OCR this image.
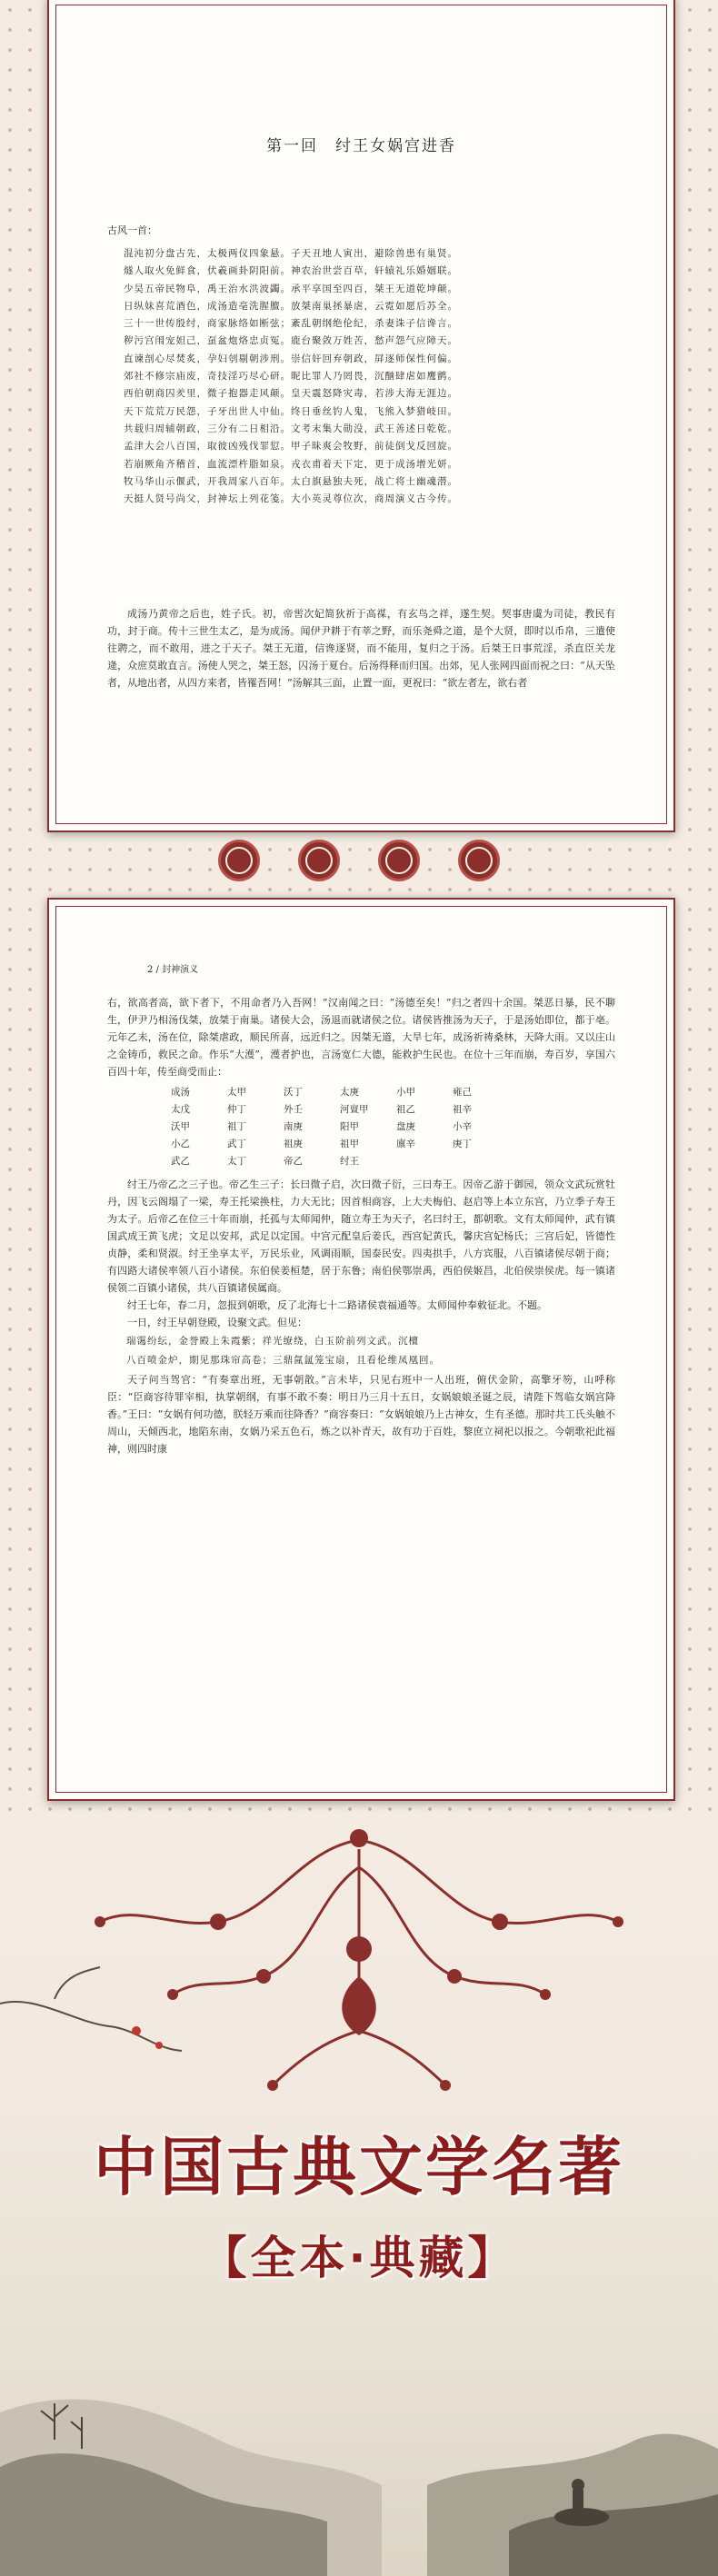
第一回　纣王女娲宫进香
古风一首：
混沌初分盘古先，太极两仪四象悬。子天丑地人寅出，避除兽患有巢贤。
燧人取火免鲜食，伏羲画卦阴阳前。神农治世尝百草，轩辕礼乐婚姻联。
少昊五帝民物阜，禹王治水洪波蠲。承平享国至四百，桀王无道乾坤颠。
日纵妹喜荒酒色，成汤造亳洗腥膻。放桀南巢拯暴虐，云霓如愿后苏全。
三十一世传殷纣，商家脉络如断弦；紊乱朝纲绝伦纪，杀妻诛子信谗言。
秽污宫闱宠妲己，虿盆炮烙忠贞冤。鹿台聚敛万姓苦，愁声怨气应障天。
直谏剖心尽焚炙，孕妇刳剔朝涉刑。崇信奸回弃朝政，屏逐师保性何偏。
郊社不修宗庙废，奇技淫巧尽心研。昵比罪人乃罔畏，沉酗肆虐如鹰鹯。
西伯朝商囚羑里，微子抱器走风颠。皇天震怒降灾毒，若涉大海无涯边。
天下荒荒万民怨，子牙出世人中仙。终日垂丝钓人鬼，飞熊入梦猎岐田。
共载归周辅朝政，三分有二日相沿。文考末集大勋没，武王善述日乾乾。
孟津大会八百国，取彼凶残伐罪愆。甲子昧爽会牧野，前徒倒戈反回旋。
若崩厥角齐稽首，血流漂杵脂如泉。戎衣甫着天下定，更于成汤增光妍。
牧马华山示偃武，开我周家八百年。太白旗悬独夫死，战亡将士幽魂潜。
天挺人贤号尚父，封神坛上列花笺。大小英灵尊位次，商周演义古今传。

成汤乃黄帝之后也，姓子氏。初，帝喾次妃简狄祈于高禖，有玄鸟之祥，遂生契。契事唐虞为司徒，教民有功，封于商。传十三世生太乙，是为成汤。闻伊尹耕于有莘之野，而乐尧舜之道，是个大贤，即时以币帛，三遣使往聘之，而不敢用，进之于天子。桀王无道，信谗逐贤，而不能用，复归之于汤。后桀王日事荒淫，杀直臣关龙逄，众庶莫敢直言。汤使人哭之，桀王怒，囚汤于夏台。后汤得释而归国。出郊，见人张网四面而祝之曰：“从天坠者，从地出者，从四方来者，皆罹吾网！”汤解其三面，止置一面，更祝曰：“欲左者左，欲右者

2 / 封神演义

右，欲高者高，欲下者下，不用命者乃入吾网！”汉南闻之曰：“汤德至矣！”归之者四十余国。桀恶日暴，民不聊生，伊尹乃相汤伐桀，放桀于南巢。诸侯大会，汤退而就诸侯之位。诸侯皆推汤为天子，于是汤始即位，都于亳。元年乙未，汤在位，除桀虐政，顺民所喜，远近归之。因桀无道，大旱七年，成汤祈祷桑林，天降大雨。又以庄山之金铸币，救民之命。作乐“大濩”，濩者护也，言汤宽仁大德，能救护生民也。在位十三年而崩，寿百岁，享国六百四十年，传至商受而止：

成汤	太甲	沃丁	太庚	小甲	雍己
太戊	仲丁	外壬	河亶甲	祖乙	祖辛
沃甲	祖丁	南庚	阳甲	盘庚	小辛
小乙	武丁	祖庚	祖甲	廪辛	庚丁
武乙	太丁	帝乙	纣王

纣王乃帝乙之三子也。帝乙生三子：长曰微子启，次曰微子衍，三曰寿王。因帝乙游于御园，领众文武玩赏牡丹，因飞云阁塌了一梁，寿王托梁换柱，力大无比；因首相商容，上大夫梅伯、赵启等上本立东宫，乃立季子寿王为太子。后帝乙在位三十年而崩，托孤与太师闻仲，随立寿王为天子，名曰纣王，都朝歌。文有太师闻仲，武有镇国武成王黄飞虎；文足以安邦，武足以定国。中宫元配皇后姜氏，西宫妃黄氏，馨庆宫妃杨氏；三宫后妃，皆德性贞静，柔和贤淑。纣王坐享太平，万民乐业，风调雨顺，国泰民安。四夷拱手，八方宾服，八百镇诸侯尽朝于商；有四路大诸侯率领八百小诸侯。东伯侯姜桓楚，居于东鲁；南伯侯鄂崇禹，西伯侯姬昌，北伯侯崇侯虎。每一镇诸侯领二百镇小诸侯，共八百镇诸侯属商。

纣王七年，春二月，忽报到朝歌，反了北海七十二路诸侯袁福通等。太师闻仲奉敕征北。不题。

一日，纣王早朝登殿，设聚文武。但见：

瑞霭纷纭，金誉殿上朱霞紫；祥光缭绕，白玉阶前列文武。沉檀
八百喷金炉，期见那珠帘高卷；三鼎氤氲笼宝扇，且看伦维凤凰回。

天子问当驾官：“有奏章出班，无事朝散。”言未毕，只见右班中一人出班，俯伏金阶，高擎牙笏，山呼称臣：“臣商容待罪宰相，执掌朝纲，有事不敢不奏：明日乃三月十五日，女娲娘娘圣诞之辰，请陛下驾临女娲宫降香。”王曰：“女娲有何功德，朕轻万乘而往降香？”商容奏曰：“女娲娘娘乃上古神女，生有圣德。那时共工氏头触不周山，天倾西北，地陷东南，女娲乃采五色石，炼之以补青天，故有功于百姓，黎庶立祠祀以报之。今朝歌祀此福神，则四时康

中国古典文学名著
【全本·典藏】
